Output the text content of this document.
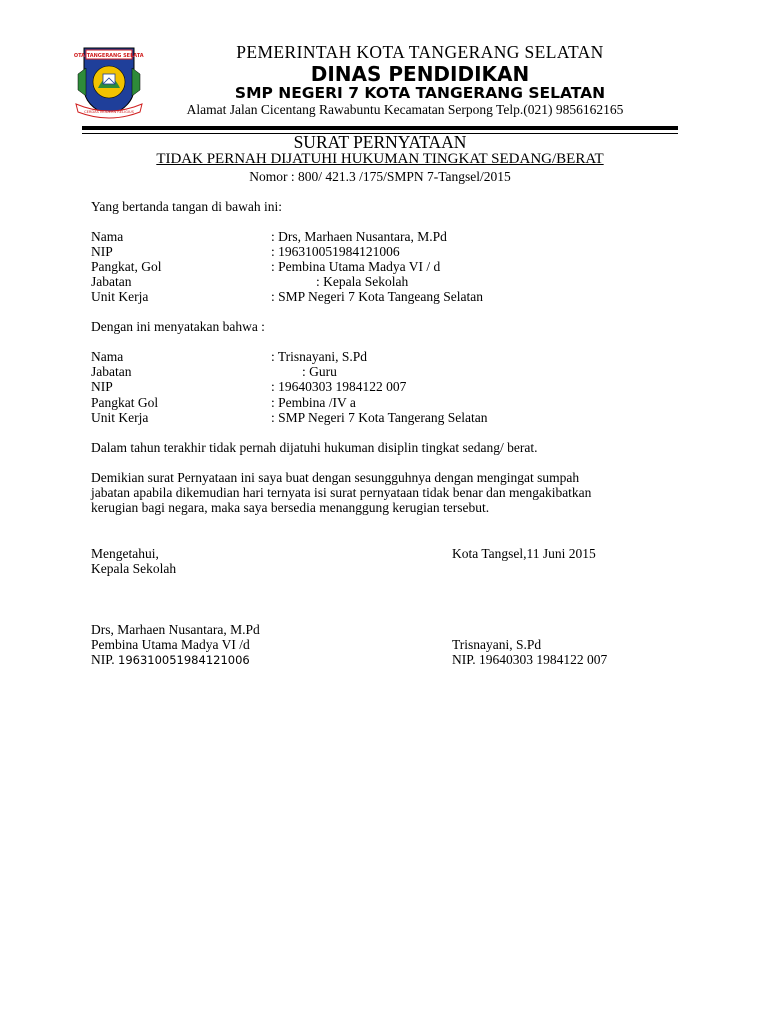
KOTA TANGERANG SELATAN
CERDAS MODERN RELIGIUS
PEMERINTAH KOTA TANGERANG SELATAN
DINAS PENDIDIKAN
SMP NEGERI 7 KOTA TANGERANG SELATAN
Alamat Jalan Cicentang Rawabuntu Kecamatan Serpong Telp.(021) 9856162165
SURAT PERNYATAAN
TIDAK PERNAH DIJATUHI HUKUMAN TINGKAT SEDANG/BERAT
Nomor : 800/ 421.3 /175/SMPN 7-Tangsel/2015
Yang bertanda tangan di bawah ini:
Nama
NIP
Pangkat, Gol
Jabatan
Unit Kerja
: Drs, Marhaen Nusantara, M.Pd
: 196310051984121006
: Pembina Utama Madya VI / d
: Kepala Sekolah
: SMP Negeri 7 Kota Tangeang Selatan
Dengan ini menyatakan bahwa :
Nama
Jabatan
NIP
Pangkat Gol
Unit Kerja
: Trisnayani, S.Pd
: Guru
: 19640303 1984122 007
: Pembina /IV a
: SMP Negeri 7 Kota Tangerang Selatan
Dalam tahun terakhir tidak pernah dijatuhi hukuman disiplin tingkat sedang/ berat.
Demikian surat Pernyataan ini saya buat dengan sesungguhnya dengan mengingat sumpah
jabatan apabila dikemudian hari ternyata isi surat pernyataan tidak benar dan mengakibatkan
kerugian bagi negara, maka saya bersedia menanggung kerugian tersebut.
Mengetahui,
Kepala Sekolah
Kota Tangsel,11 Juni 2015
Drs, Marhaen Nusantara, M.Pd
Pembina Utama Madya VI /d
NIP. 196310051984121006
Trisnayani, S.Pd
NIP. 19640303 1984122 007
